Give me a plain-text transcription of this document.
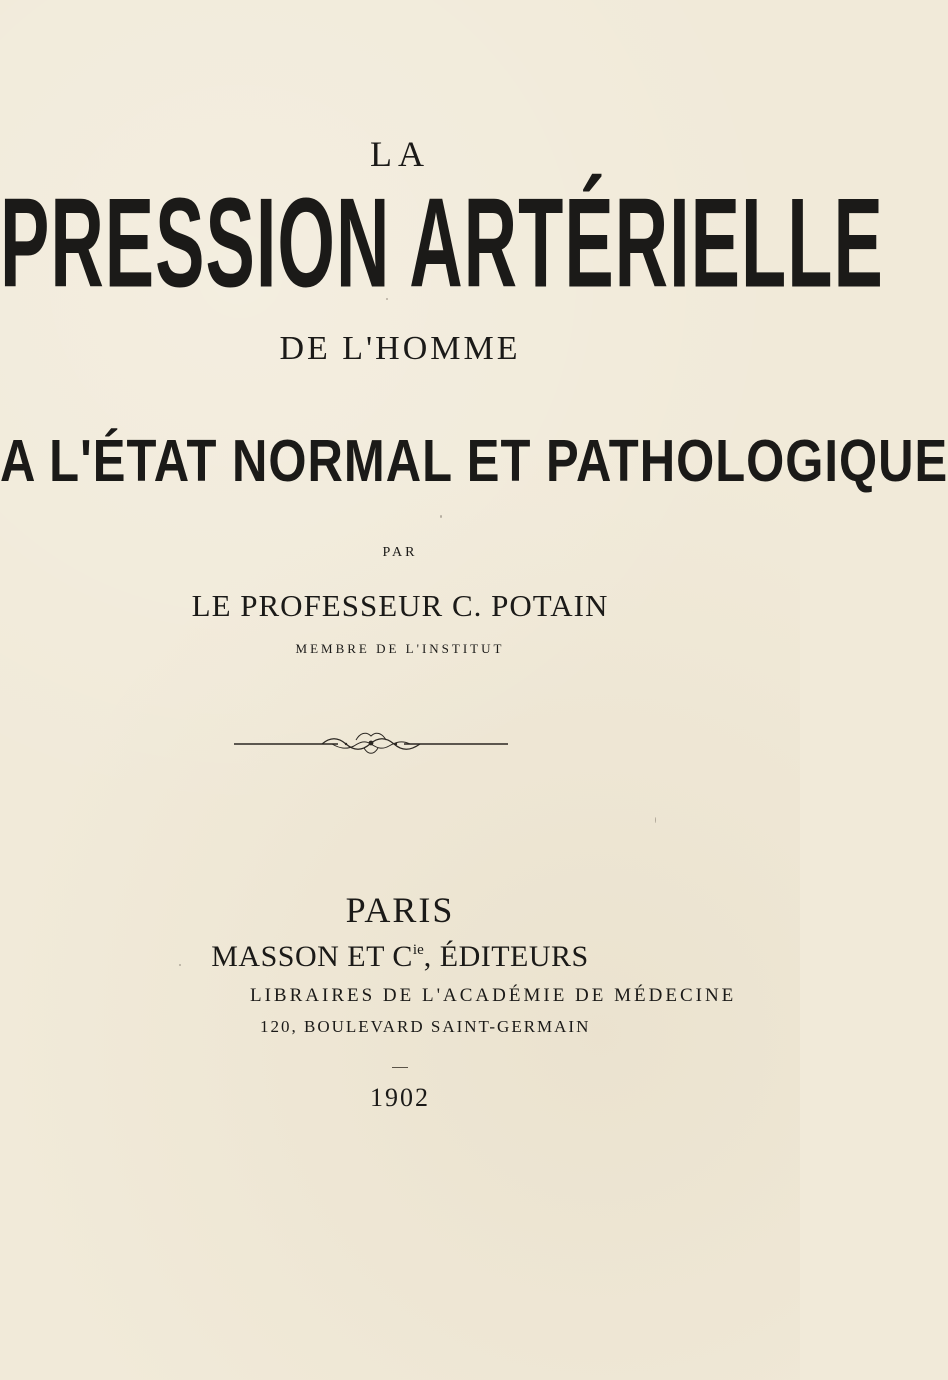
LA
PRESSION ARTÉRIELLE
DE L'HOMME
A L'ÉTAT NORMAL ET PATHOLOGIQUE
PAR
LE PROFESSEUR C. POTAIN
MEMBRE DE L'INSTITUT
PARIS
MASSON ET $C^{ie}$, ÉDITEURS
LIBRAIRES DE L'ACADÉMIE DE MÉDECINE
120, BOULEVARD SAINT-GERMAIN
1902
